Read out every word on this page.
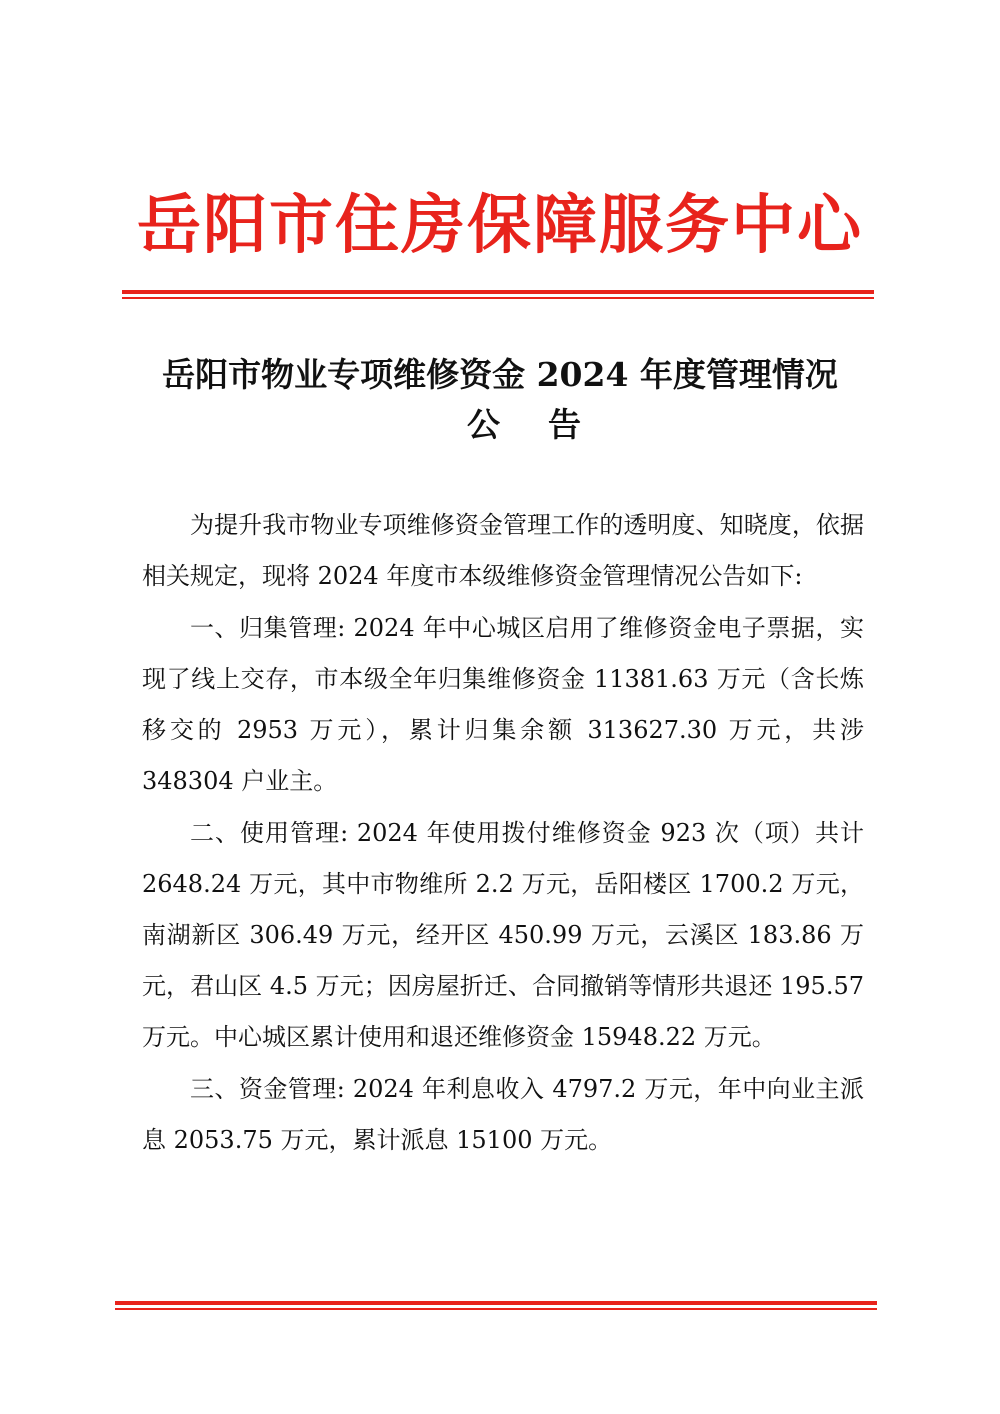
岳阳市住房保障服务中心
岳阳市物业专项维修资金 2024 年度管理情况
公告

为提升我市物业专项维修资金管理工作的透明度、知晓度，依据相关规定，现将 2024 年度市本级维修资金管理情况公告如下:

一、归集管理: 2024 年中心城区启用了维修资金电子票据，实现了线上交存，市本级全年归集维修资金 11381.63 万元（含长炼移交的 2953 万元），累计归集余额 313627.30 万元，共涉 348304 户业主。

二、使用管理: 2024 年使用拨付维修资金 923 次（项）共计 2648.24 万元，其中市物维所 2.2 万元，岳阳楼区 1700.2 万元，南湖新区 306.49 万元，经开区 450.99 万元，云溪区 183.86 万元，君山区 4.5 万元；因房屋折迁、合同撤销等情形共退还 195.57 万元。中心城区累计使用和退还维修资金 15948.22 万元。

三、资金管理: 2024 年利息收入 4797.2 万元，年中向业主派息 2053.75 万元，累计派息 15100 万元。
